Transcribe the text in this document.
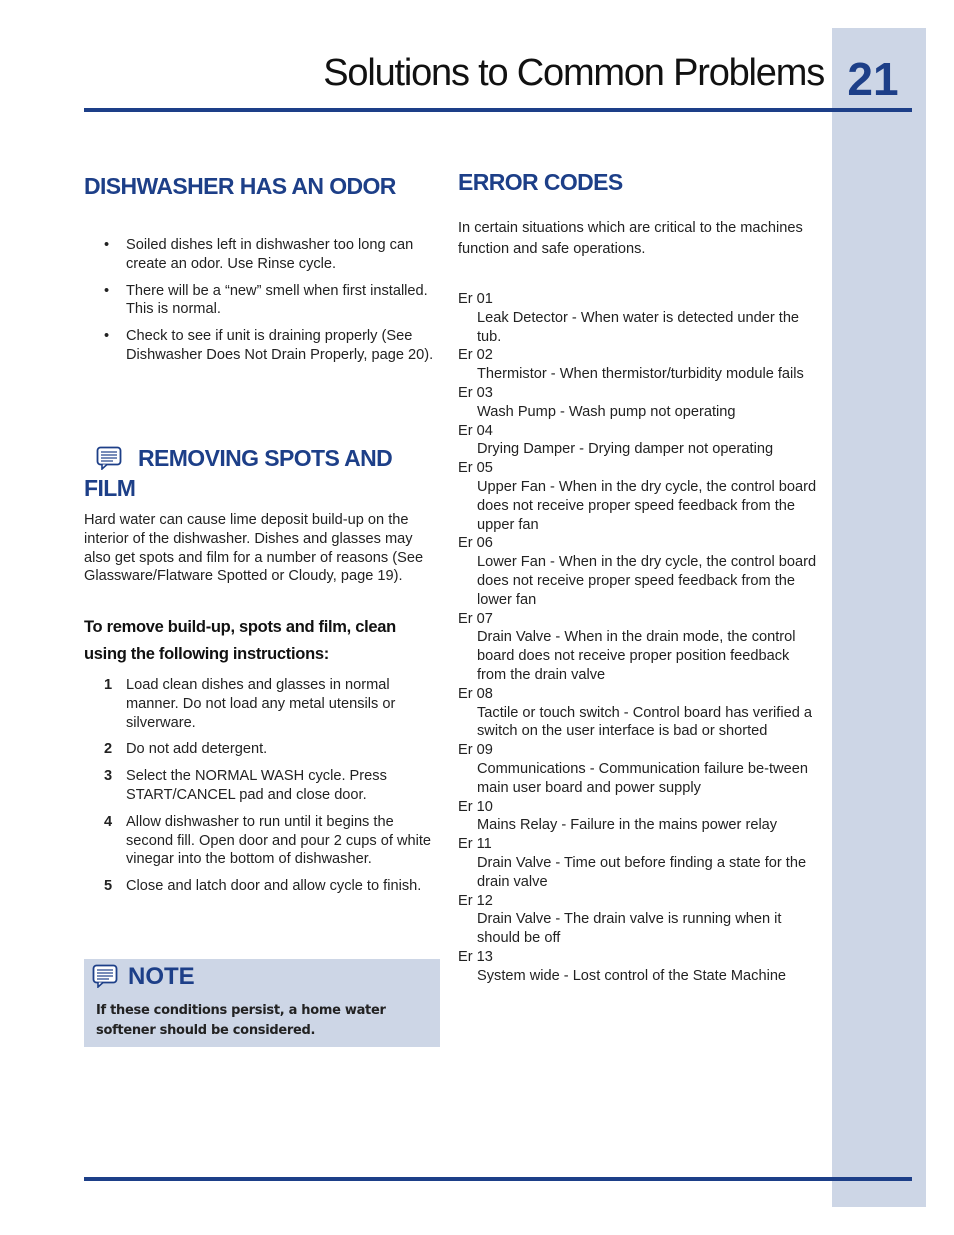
Solutions to Common Problems 21
DISHWASHER HAS AN ODOR
• Soiled dishes left in dishwasher too long can create an odor. Use Rinse cycle.
• There will be a “new” smell when first installed. This is normal.
• Check to see if unit is draining properly (See Dishwasher Does Not Drain Properly, page 20).
REMOVING SPOTS AND FILM
Hard water can cause lime deposit build-up on the interior of the dishwasher. Dishes and glasses may also get spots and film for a number of reasons (See Glassware/Flatware Spotted or Cloudy, page 19).
To remove build-up, spots and film, clean using the following instructions:
1 Load clean dishes and glasses in normal manner. Do not load any metal utensils or silverware.
2 Do not add detergent.
3 Select the NORMAL WASH cycle. Press START/CANCEL pad and close door.
4 Allow dishwasher to run until it begins the second fill. Open door and pour 2 cups of white vinegar into the bottom of dishwasher.
5 Close and latch door and allow cycle to finish.
NOTE
If these conditions persist, a home water softener should be considered.
ERROR CODES
In certain situations which are critical to the machines function and safe operations.
Er 01
Leak Detector - When water is detected under the tub.
Er 02
Thermistor - When thermistor/turbidity module fails
Er 03
Wash Pump - Wash pump not operating
Er 04
Drying Damper - Drying damper not operating
Er 05
Upper Fan - When in the dry cycle, the control board does not receive proper speed feedback from the upper fan
Er 06
Lower Fan - When in the dry cycle, the control board does not receive proper speed feedback from the lower fan
Er 07
Drain Valve - When in the drain mode, the control board does not receive proper position feedback from the drain valve
Er 08
Tactile or touch switch - Control board has verified a switch on the user interface is bad or shorted
Er 09
Communications - Communication failure be-tween main user board and power supply
Er 10
Mains Relay - Failure in the mains power relay
Er 11
Drain Valve - Time out before finding a state for the drain valve
Er 12
Drain Valve - The drain valve is running when it should be off
Er 13
System wide - Lost control of the State Machine
